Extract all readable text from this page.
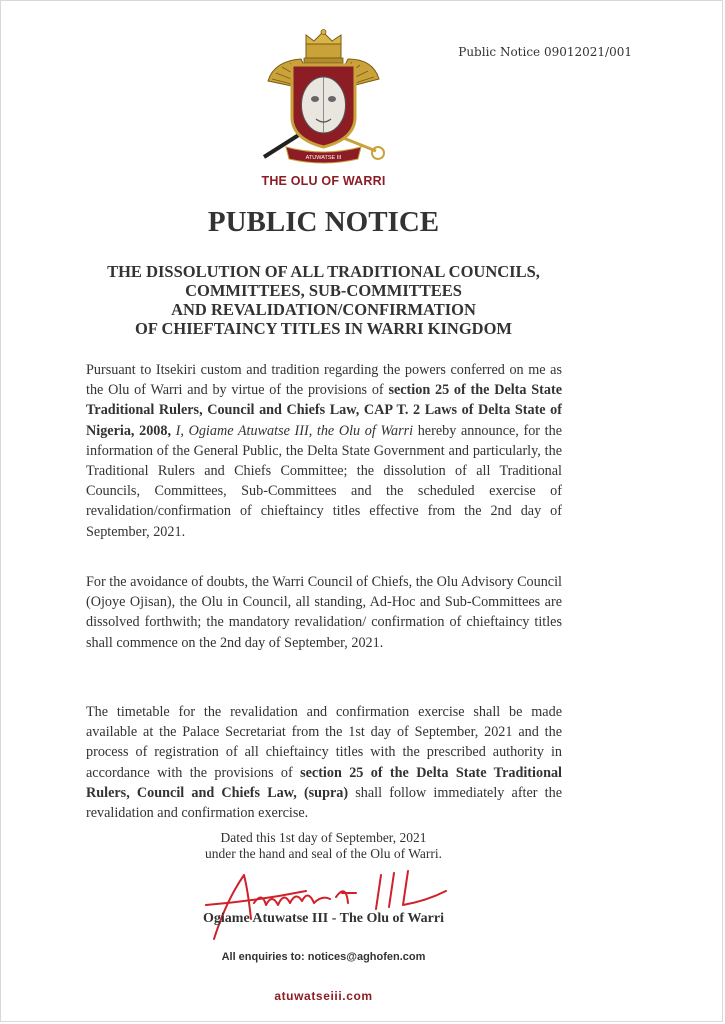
Public Notice 09012021/001
ATUWATSE III
THE OLU OF WARRI
PUBLIC NOTICE
THE DISSOLUTION OF ALL TRADITIONAL COUNCILS,
COMMITTEES, SUB-COMMITTEES
AND REVALIDATION/CONFIRMATION
OF CHIEFTAINCY TITLES IN WARRI KINGDOM

Pursuant to Itsekiri custom and tradition regarding the powers conferred on me as the Olu of Warri and by virtue of the provisions of section 25 of the Delta State Traditional Rulers, Council and Chiefs Law, CAP T. 2 Laws of Delta State of Nigeria, 2008, I, Ogiame Atuwatse III, the Olu of Warri hereby announce, for the information of the General Public, the Delta State Government and particularly, the Traditional Rulers and Chiefs Committee; the dissolution of all Traditional Councils, Committees, Sub-Committees and the scheduled exercise of revalidation/confirmation of chieftaincy titles effective from the 2nd day of September, 2021.

For the avoidance of doubts, the Warri Council of Chiefs, the Olu Advisory Council (Ojoye Ojisan), the Olu in Council, all standing, Ad-Hoc and Sub-Committees are dissolved forthwith; the mandatory revalidation/ confirmation of chieftaincy titles shall commence on the 2nd day of September, 2021.

The timetable for the revalidation and confirmation exercise shall be made available at the Palace Secretariat from the 1st day of September, 2021 and the process of registration of all chieftaincy titles with the prescribed authority in accordance with the provisions of section 25 of the Delta State Traditional Rulers, Council and Chiefs Law, (supra) shall follow immediately after the revalidation and confirmation exercise.

Dated this 1st day of September, 2021
under the hand and seal of the Olu of Warri.
Ogiame Atuwatse III - The Olu of Warri
All enquiries to: notices@aghofen.com
atuwatseiii.com
